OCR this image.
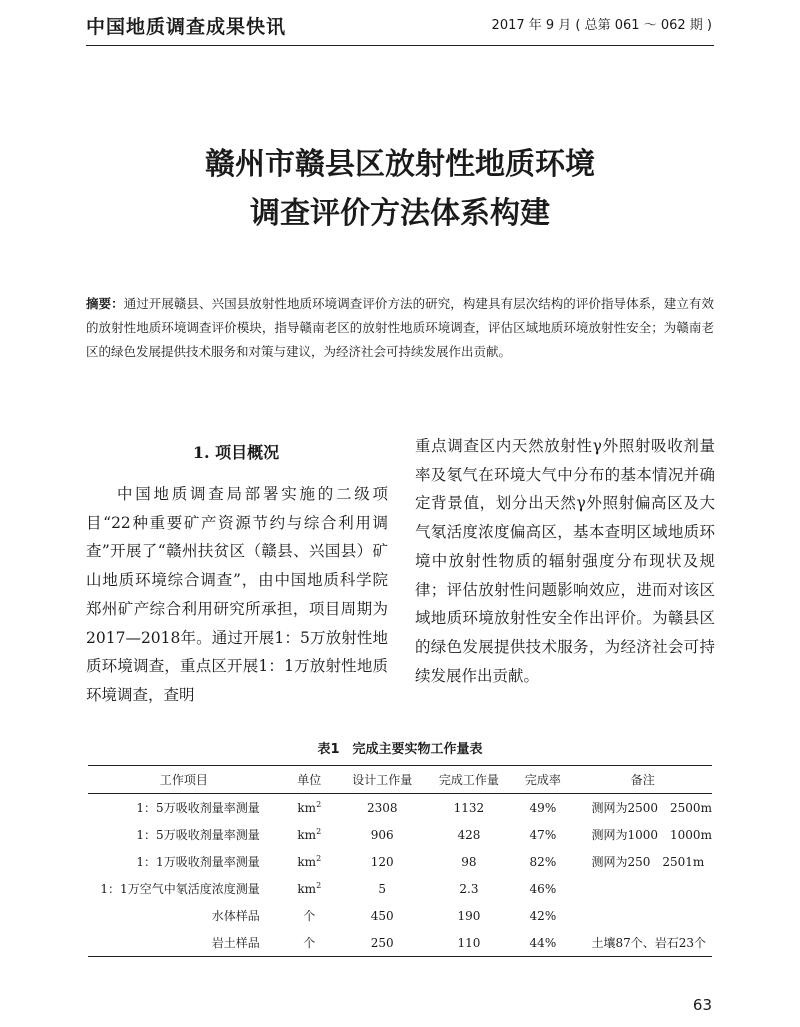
中国地质调查成果快讯	2017 年 9 月 ( 总第 061 ～ 062 期 )
赣州市赣县区放射性地质环境
调查评价方法体系构建
摘要：通过开展赣县、兴国县放射性地质环境调查评价方法的研究，构建具有层次结构的评价指导体系，建立有效的放射性地质环境调查评价模块，指导赣南老区的放射性地质环境调查，评估区域地质环境放射性安全；为赣南老区的绿色发展提供技术服务和对策与建议，为经济社会可持续发展作出贡献。
1. 项目概况
中国地质调查局部署实施的二级项目“22种重要矿产资源节约与综合利用调查”开展了“赣州扶贫区（赣县、兴国县）矿山地质环境综合调查”，由中国地质科学院郑州矿产综合利用研究所承担，项目周期为2017—2018年。通过开展1：5万放射性地质环境调查，重点区开展1：1万放射性地质环境调查，查明
重点调查区内天然放射性γ外照射吸收剂量率及氡气在环境大气中分布的基本情况并确定背景值，划分出天然γ外照射偏高区及大气氡活度浓度偏高区，基本查明区域地质环境中放射性物质的辐射强度分布现状及规律；评估放射性问题影响效应，进而对该区域地质环境放射性安全作出评价。为赣县区的绿色发展提供技术服务，为经济社会可持续发展作出贡献。
表1　完成主要实物工作量表
工作项目	单位	设计工作量	完成工作量	完成率	备注
1：5万吸收剂量率测量	$km^2$	2308	1132	49%	测网为2500　2500m
1：5万吸收剂量率测量	$km^2$	906	428	47%	测网为1000　1000m
1：1万吸收剂量率测量	$km^2$	120	98	82%	测网为250　2501m
1：1万空气中氡活度浓度测量	$km^2$	5	2.3	46%	
水体样品	个	450	190	42%	
岩土样品	个	250	110	44%	土壤87个、岩石23个
63
